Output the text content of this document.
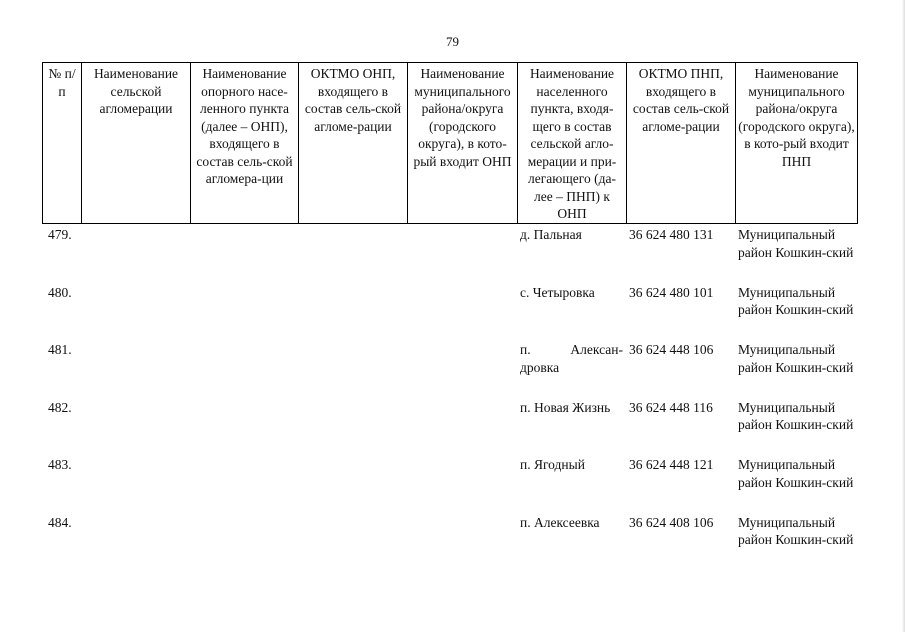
79
№ п/п	Наименование сельской агломерации	Наименование опорного насе-ленного пункта (далее – ОНП), входящего в состав сель-ской агломера-ции	ОКТМО ОНП, входящего в состав сель-ской агломе-рации	Наименование муниципального района/округа (городского округа), в кото-рый входит ОНП	Наименование населенного пункта, входя-щего в состав сельской агло-мерации и при-легающего (да-лее – ПНП) к ОНП	ОКТМО ПНП, входящего в состав сель-ской агломе-рации	Наименование муниципального района/округа (городского округа), в кото-рый входит ПНП
479.					д. Пальная	36 624 480 131	Муниципальный район Кошкин-ский
480.					с. Четыровка	36 624 480 101	Муниципальный район Кошкин-ский
481.					п. Алексан-дровка	36 624 448 106	Муниципальный район Кошкин-ский
482.					п. Новая Жизнь	36 624 448 116	Муниципальный район Кошкин-ский
483.					п. Ягодный	36 624 448 121	Муниципальный район Кошкин-ский
484.					п. Алексеевка	36 624 408 106	Муниципальный район Кошкин-ский
